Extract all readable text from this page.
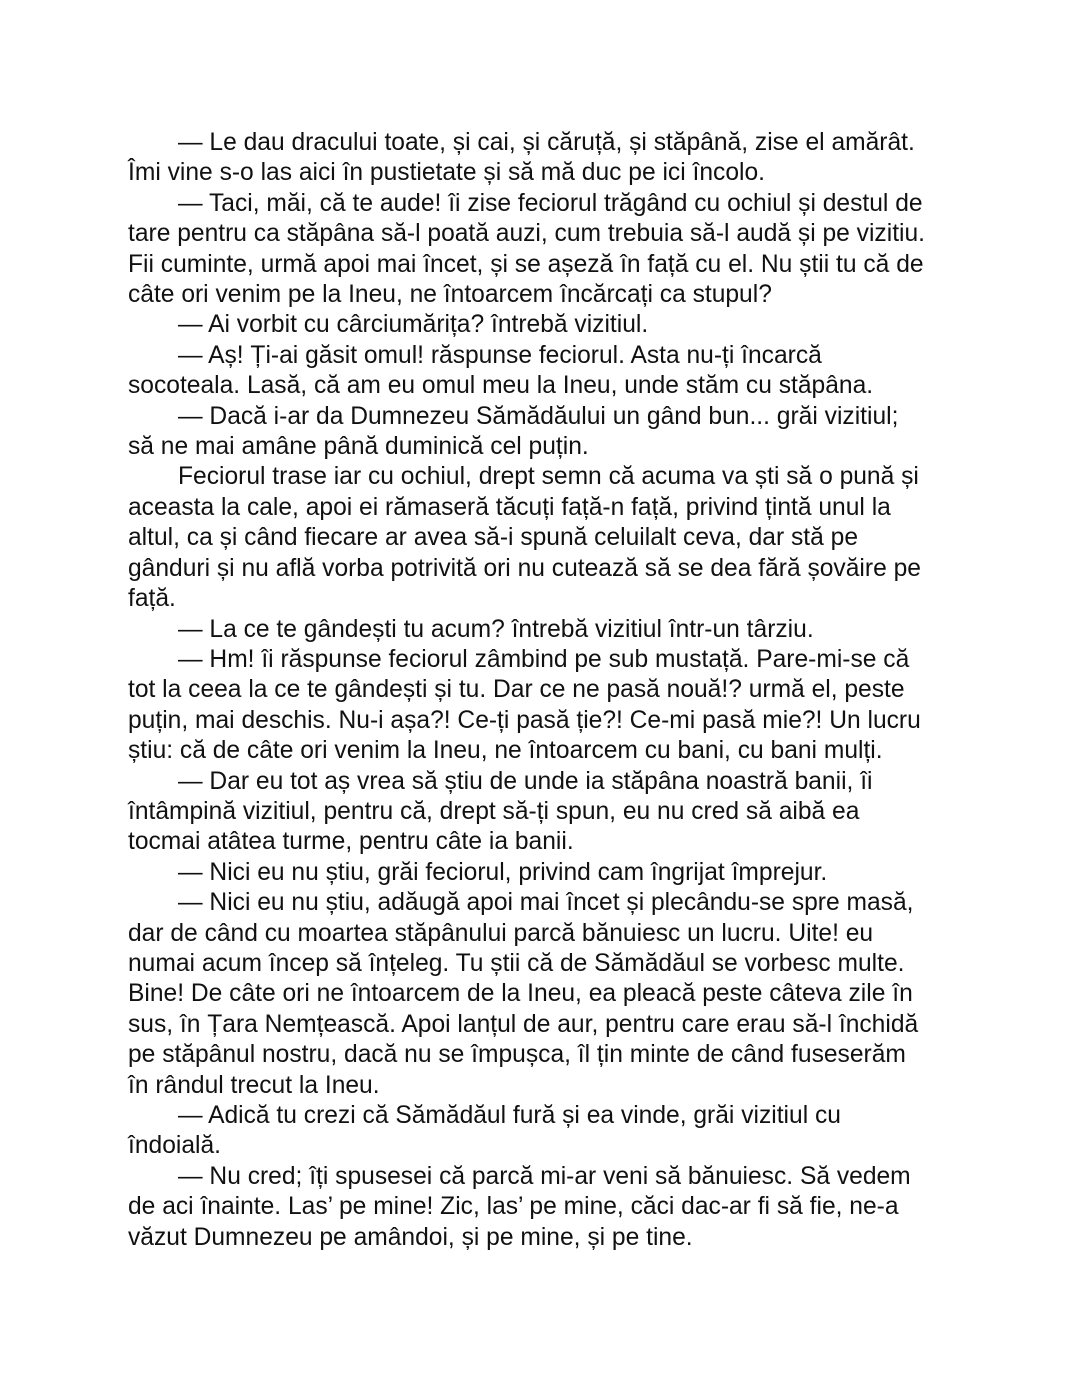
— Le dau dracului toate, și cai, și căruță, și stăpână, zise el amărât.
Îmi vine s-o las aici în pustietate și să mă duc pe ici încolo.

— Taci, măi, că te aude! îi zise feciorul trăgând cu ochiul și destul de
tare pentru ca stăpâna să-l poată auzi, cum trebuia să-l audă și pe vizitiu.
Fii cuminte, urmă apoi mai încet, și se așeză în față cu el. Nu știi tu că de
câte ori venim pe la Ineu, ne întoarcem încărcați ca stupul?

— Ai vorbit cu cârciumărița? întrebă vizitiul.

— Aș! Ți-ai găsit omul! răspunse feciorul. Asta nu-ți încarcă
socoteala. Lasă, că am eu omul meu la Ineu, unde stăm cu stăpâna.

— Dacă i-ar da Dumnezeu Sămădăului un gând bun... grăi vizitiul;
să ne mai amâne până duminică cel puțin.

Feciorul trase iar cu ochiul, drept semn că acuma va ști să o pună și
aceasta la cale, apoi ei rămaseră tăcuți față-n față, privind țintă unul la
altul, ca și când fiecare ar avea să-i spună celuilalt ceva, dar stă pe
gânduri și nu află vorba potrivită ori nu cutează să se dea fără șovăire pe
față.

— La ce te gândești tu acum? întrebă vizitiul într-un târziu.

— Hm! îi răspunse feciorul zâmbind pe sub mustață. Pare-mi-se că
tot la ceea la ce te gândești și tu. Dar ce ne pasă nouă!? urmă el, peste
puțin, mai deschis. Nu-i așa?! Ce-ți pasă ție?! Ce-mi pasă mie?! Un lucru
știu: că de câte ori venim la Ineu, ne întoarcem cu bani, cu bani mulți.

— Dar eu tot aș vrea să știu de unde ia stăpâna noastră banii, îi
întâmpină vizitiul, pentru că, drept să-ți spun, eu nu cred să aibă ea
tocmai atâtea turme, pentru câte ia banii.

— Nici eu nu știu, grăi feciorul, privind cam îngrijat împrejur.

— Nici eu nu știu, adăugă apoi mai încet și plecându-se spre masă,
dar de când cu moartea stăpânului parcă bănuiesc un lucru. Uite! eu
numai acum încep să înțeleg. Tu știi că de Sămădăul se vorbesc multe.
Bine! De câte ori ne întoarcem de la Ineu, ea pleacă peste câteva zile în
sus, în Țara Nemțească. Apoi lanțul de aur, pentru care erau să-l închidă
pe stăpânul nostru, dacă nu se împușca, îl țin minte de când fuseserăm
în rândul trecut la Ineu.

— Adică tu crezi că Sămădăul fură și ea vinde, grăi vizitiul cu
îndoială.

— Nu cred; îți spusesei că parcă mi-ar veni să bănuiesc. Să vedem
de aci înainte. Las’ pe mine! Zic, las’ pe mine, căci dac-ar fi să fie, ne-a
văzut Dumnezeu pe amândoi, și pe mine, și pe tine.
